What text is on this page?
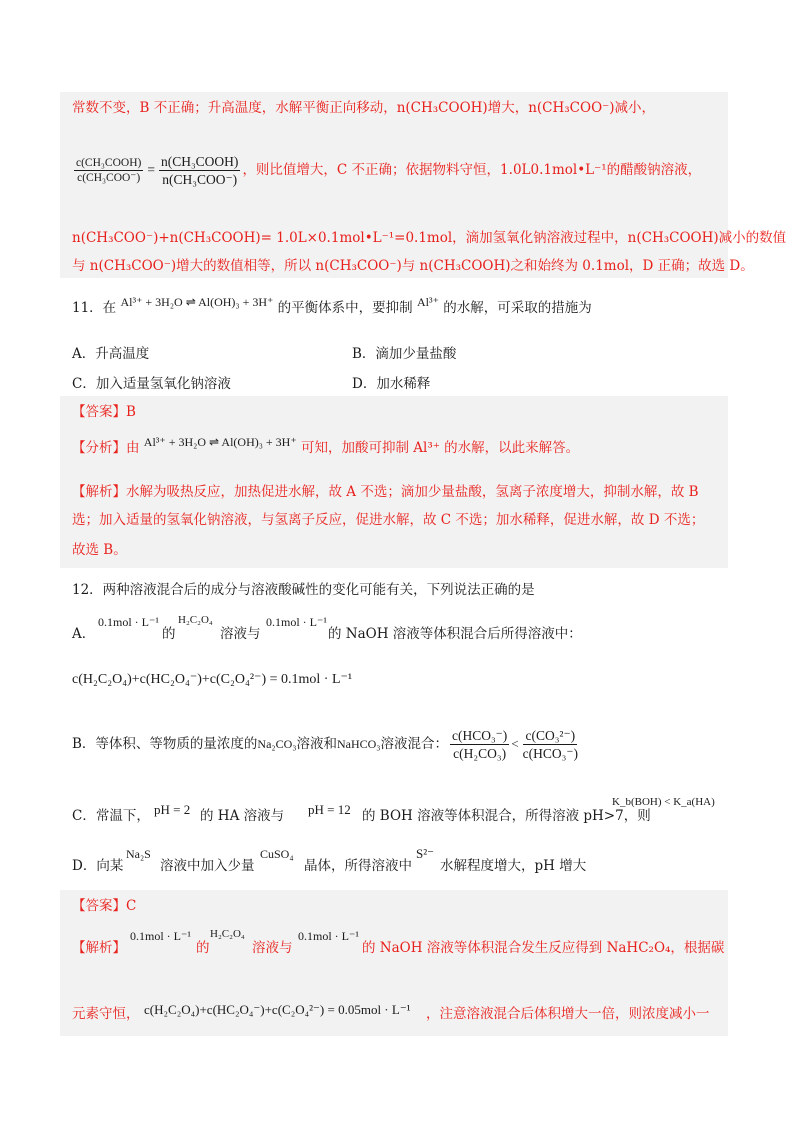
常数不变，B 不正确；升高温度，水解平衡正向移动，n(CH₃COOH)增大，n(CH₃COO⁻)减小，
$\frac{\text{c(CH₃COOH)}}{\text{c(CH₃COO⁻)}} = \frac{\text{n(CH₃COOH)}}{\text{n(CH₃COO⁻)}}$ ，则比值增大，C 不正确；依据物料守恒，1.0L0.1mol•L⁻¹的醋酸钠溶液，
n(CH₃COO⁻)+n(CH₃COOH)= 1.0L×0.1mol•L⁻¹=0.1mol，滴加氢氧化钠溶液过程中，n(CH₃COOH)减小的数值
与 n(CH₃COO⁻)增大的数值相等，所以 n(CH₃COO⁻)与 n(CH₃COOH)之和始终为 0.1mol，D 正确；故选 D。
11．在 Al³⁺ + 3H₂O ⇌ Al(OH)₃ + 3H⁺ 的平衡体系中，要抑制 Al³⁺ 的水解，可采取的措施为
A．升高温度	B．滴加少量盐酸
C．加入适量氢氧化钠溶液	D．加水稀释
【答案】B
【分析】由 Al³⁺ + 3H₂O ⇌ Al(OH)₃ + 3H⁺ 可知，加酸可抑制 Al³⁺ 的水解，以此来解答。
【解析】水解为吸热反应，加热促进水解，故 A 不选；滴加少量盐酸，氢离子浓度增大，抑制水解，故 B
选；加入适量的氢氧化钠溶液，与氢离子反应，促进水解，故 C 不选；加水稀释，促进水解，故 D 不选；
故选 B。
12．两种溶液混合后的成分与溶液酸碱性的变化可能有关，下列说法正确的是
A．
0.1mol · L⁻¹
的
H₂C₂O₄
溶液与
0.1mol · L⁻¹
的 NaOH 溶液等体积混合后所得溶液中：
c(H₂C₂O₄)+c(HC₂O₄⁻)+c(C₂O₄²⁻) = 0.1mol · L⁻¹
B．等体积、等物质的量浓度的 Na₂CO₃ 溶液和 NaHCO₃ 溶液混合： $\frac{\text{c(HCO₃⁻)}}{\text{c(H₂CO₃)}} < \frac{\text{c(CO₃²⁻)}}{\text{c(HCO₃⁻)}}$
C．常温下， pH = 2 的 HA 溶液与 pH = 12 的 BOH 溶液等体积混合，所得溶液 pH>7，则
K_b(BOH) < K_a(HA)
D．向某
Na₂S
溶液中加入少量
CuSO₄
晶体，所得溶液中
S²⁻
水解程度增大，pH 增大
【答案】C
【解析】
0.1mol · L⁻¹
的
H₂C₂O₄
溶液与
0.1mol · L⁻¹
的 NaOH 溶液等体积混合发生反应得到 NaHC₂O₄，根据碳
元素守恒， c(H₂C₂O₄)+c(HC₂O₄⁻)+c(C₂O₄²⁻) = 0.05mol · L⁻¹ ，注意溶液混合后体积增大一倍，则浓度减小一
